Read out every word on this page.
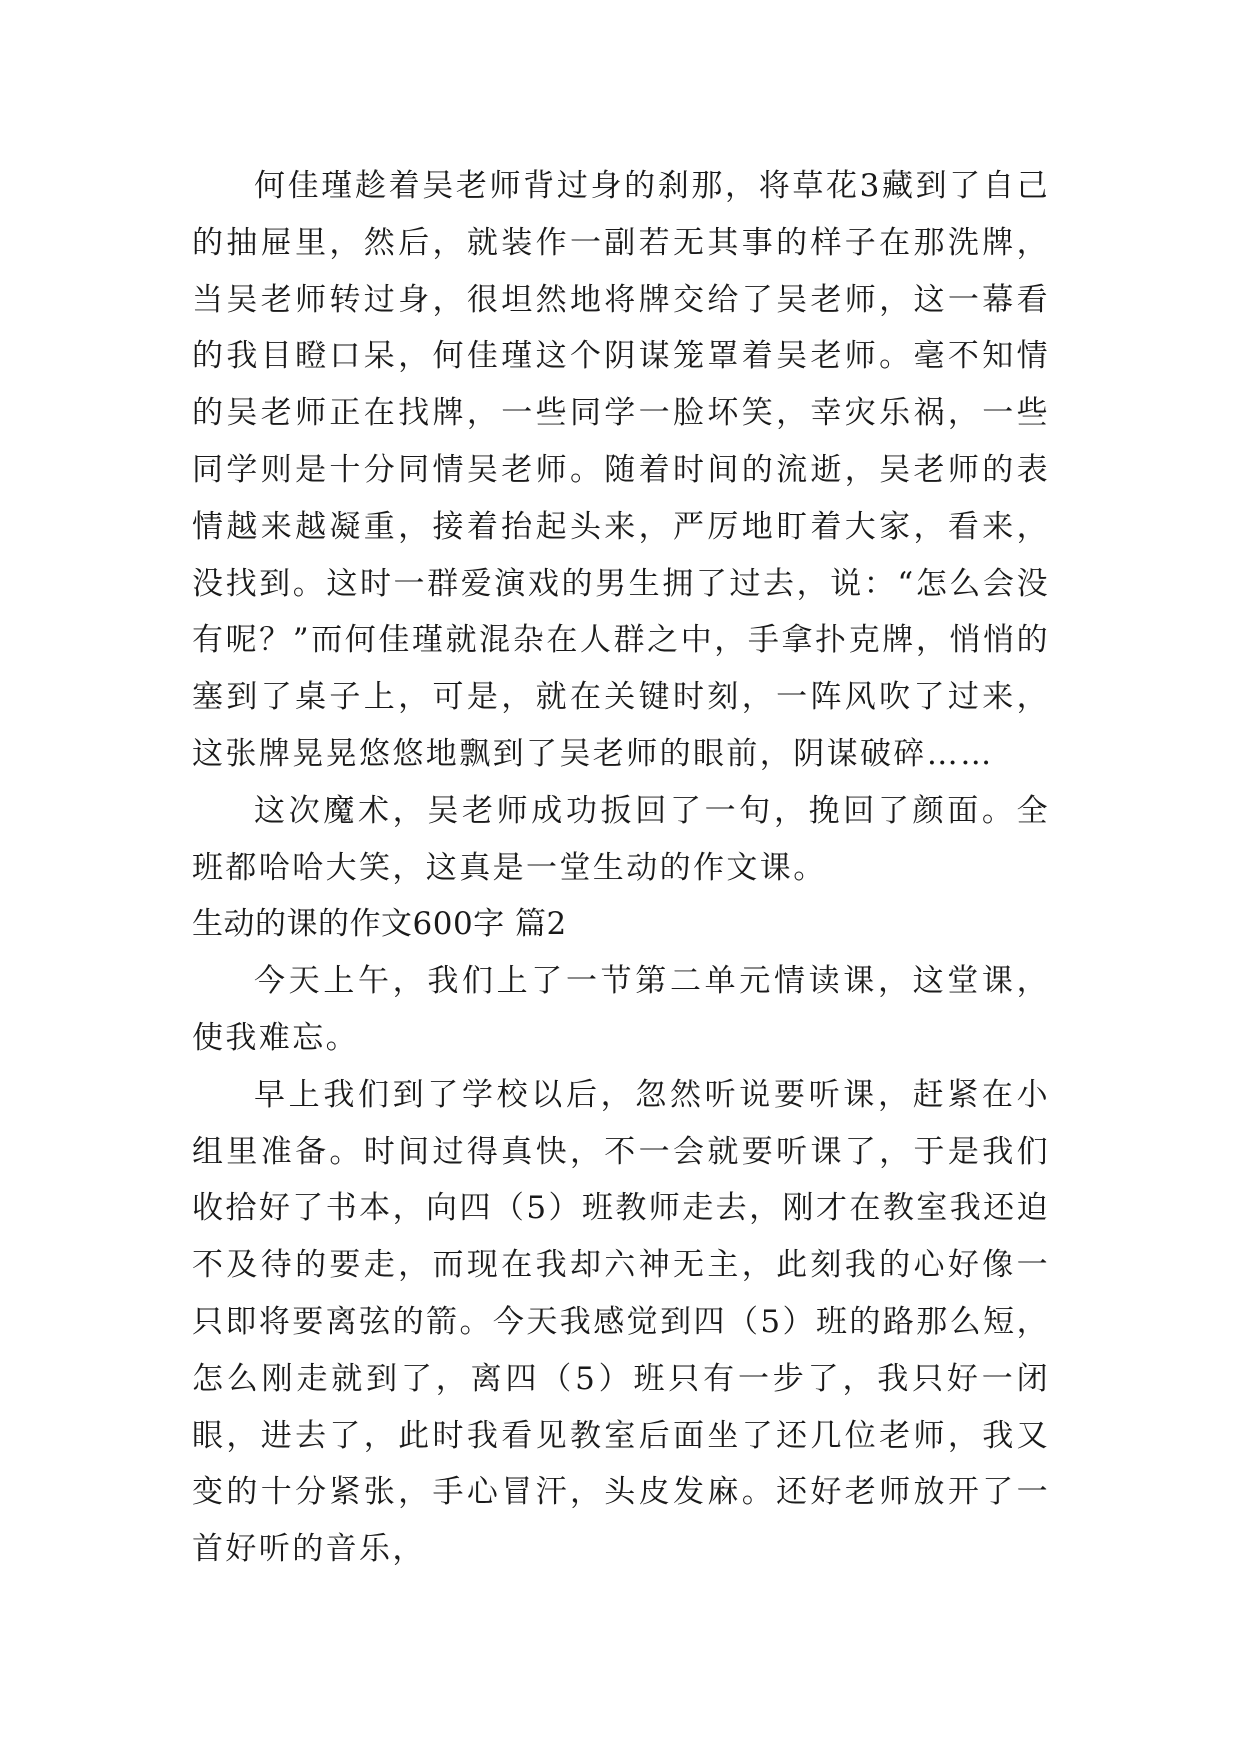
何佳瑾趁着吴老师背过身的刹那，将草花3藏到了自己的抽屉里，然后，就装作一副若无其事的样子在那洗牌，当吴老师转过身，很坦然地将牌交给了吴老师，这一幕看的我目瞪口呆，何佳瑾这个阴谋笼罩着吴老师。毫不知情的吴老师正在找牌，一些同学一脸坏笑，幸灾乐祸，一些同学则是十分同情吴老师。随着时间的流逝，吴老师的表情越来越凝重，接着抬起头来，严厉地盯着大家，看来，没找到。这时一群爱演戏的男生拥了过去，说：“怎么会没有呢？”而何佳瑾就混杂在人群之中，手拿扑克牌，悄悄的塞到了桌子上，可是，就在关键时刻，一阵风吹了过来，这张牌晃晃悠悠地飘到了吴老师的眼前，阴谋破碎……

这次魔术，吴老师成功扳回了一句，挽回了颜面。全班都哈哈大笑，这真是一堂生动的作文课。

生动的课的作文600字 篇2

今天上午，我们上了一节第二单元情读课，这堂课，使我难忘。

早上我们到了学校以后，忽然听说要听课，赶紧在小组里准备。时间过得真快，不一会就要听课了，于是我们收拾好了书本，向四（5）班教师走去，刚才在教室我还迫不及待的要走，而现在我却六神无主，此刻我的心好像一只即将要离弦的箭。今天我感觉到四（5）班的路那么短，怎么刚走就到了，离四（5）班只有一步了，我只好一闭眼，进去了，此时我看见教室后面坐了还几位老师，我又变的十分紧张，手心冒汗，头皮发麻。还好老师放开了一首好听的音乐，
